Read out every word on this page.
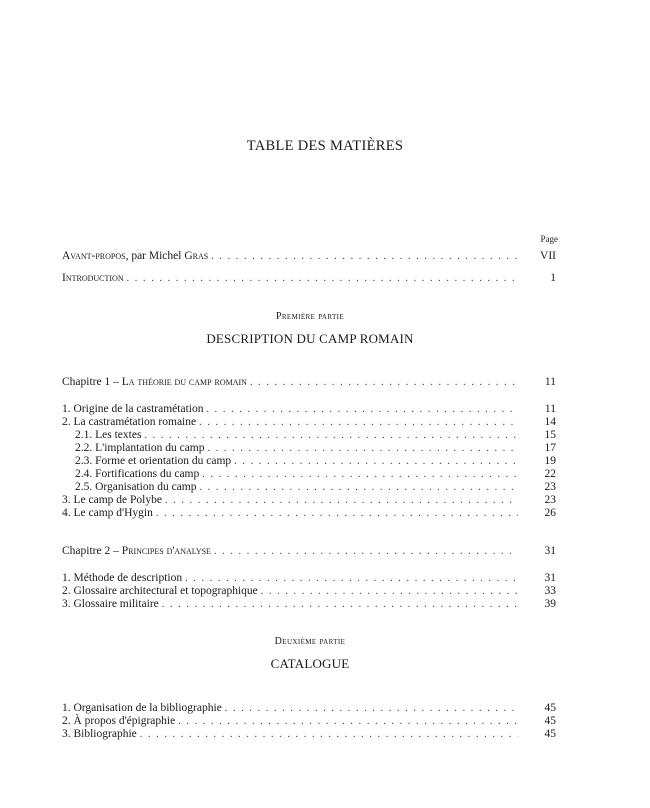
TABLE DES MATIÈRES
Page
Avant-propos, par Michel Gras . . .	VII
Introduction . . .	1
Première partie
DESCRIPTION DU CAMP ROMAIN
Chapitre 1 – La théorie du camp romain . . .	11
1. Origine de la castramétation . . .	11
2. La castramétation romaine . . .	14
2.1. Les textes . . .	15
2.2. L'implantation du camp . . .	17
2.3. Forme et orientation du camp . . .	19
2.4. Fortifications du camp . . .	22
2.5. Organisation du camp . . .	23
3. Le camp de Polybe . . .	23
4. Le camp d'Hygin . . .	26
Chapitre 2 – Principes d'analyse . . .	31
1. Méthode de description . . .	31
2. Glossaire architectural et topographique . . .	33
3. Glossaire militaire . . .	39
Deuxième partie
CATALOGUE
1. Organisation de la bibliographie . . .	45
2. À propos d'épigraphie . . .	45
3. Bibliographie . . .	45
